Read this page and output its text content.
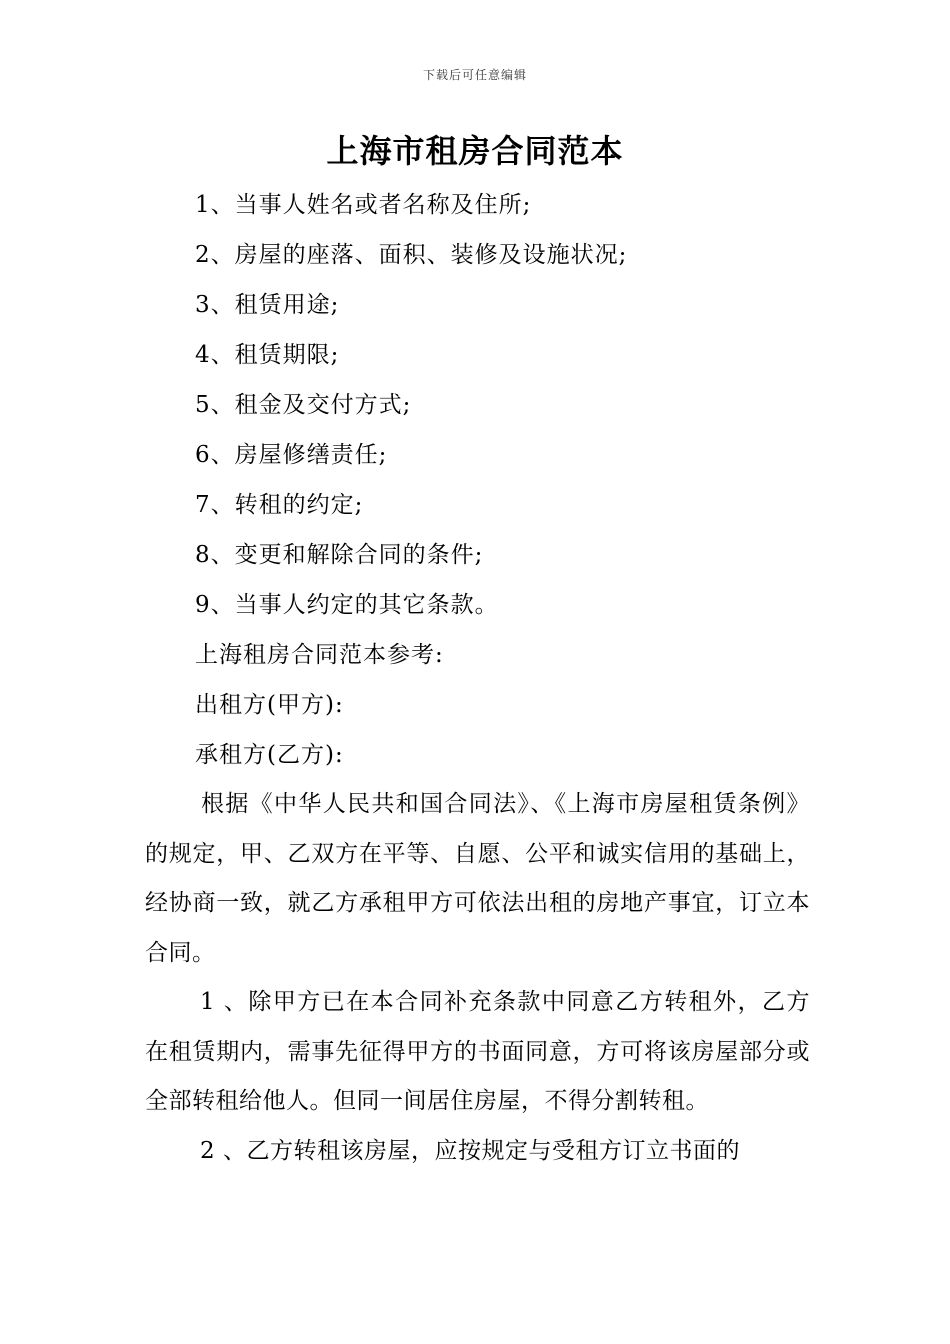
下载后可任意编辑
上海市租房合同范本
1、当事人姓名或者名称及住所;
2、房屋的座落、面积、装修及设施状况;
3、租赁用途;
4、租赁期限;
5、租金及交付方式;
6、房屋修缮责任;
7、转租的约定;
8、变更和解除合同的条件;
9、当事人约定的其它条款。
上海租房合同范本参考:
出租方(甲方):
承租方(乙方):

根据《中华人民共和国合同法》、《上海市房屋租赁条例》的规定，甲、乙双方在平等、自愿、公平和诚实信用的基础上，经协商一致，就乙方承租甲方可依法出租的房地产事宜，订立本合同。

1 、除甲方已在本合同补充条款中同意乙方转租外，乙方在租赁期内，需事先征得甲方的书面同意，方可将该房屋部分或全部转租给他人。但同一间居住房屋，不得分割转租。

2 、乙方转租该房屋，应按规定与受租方订立书面的
